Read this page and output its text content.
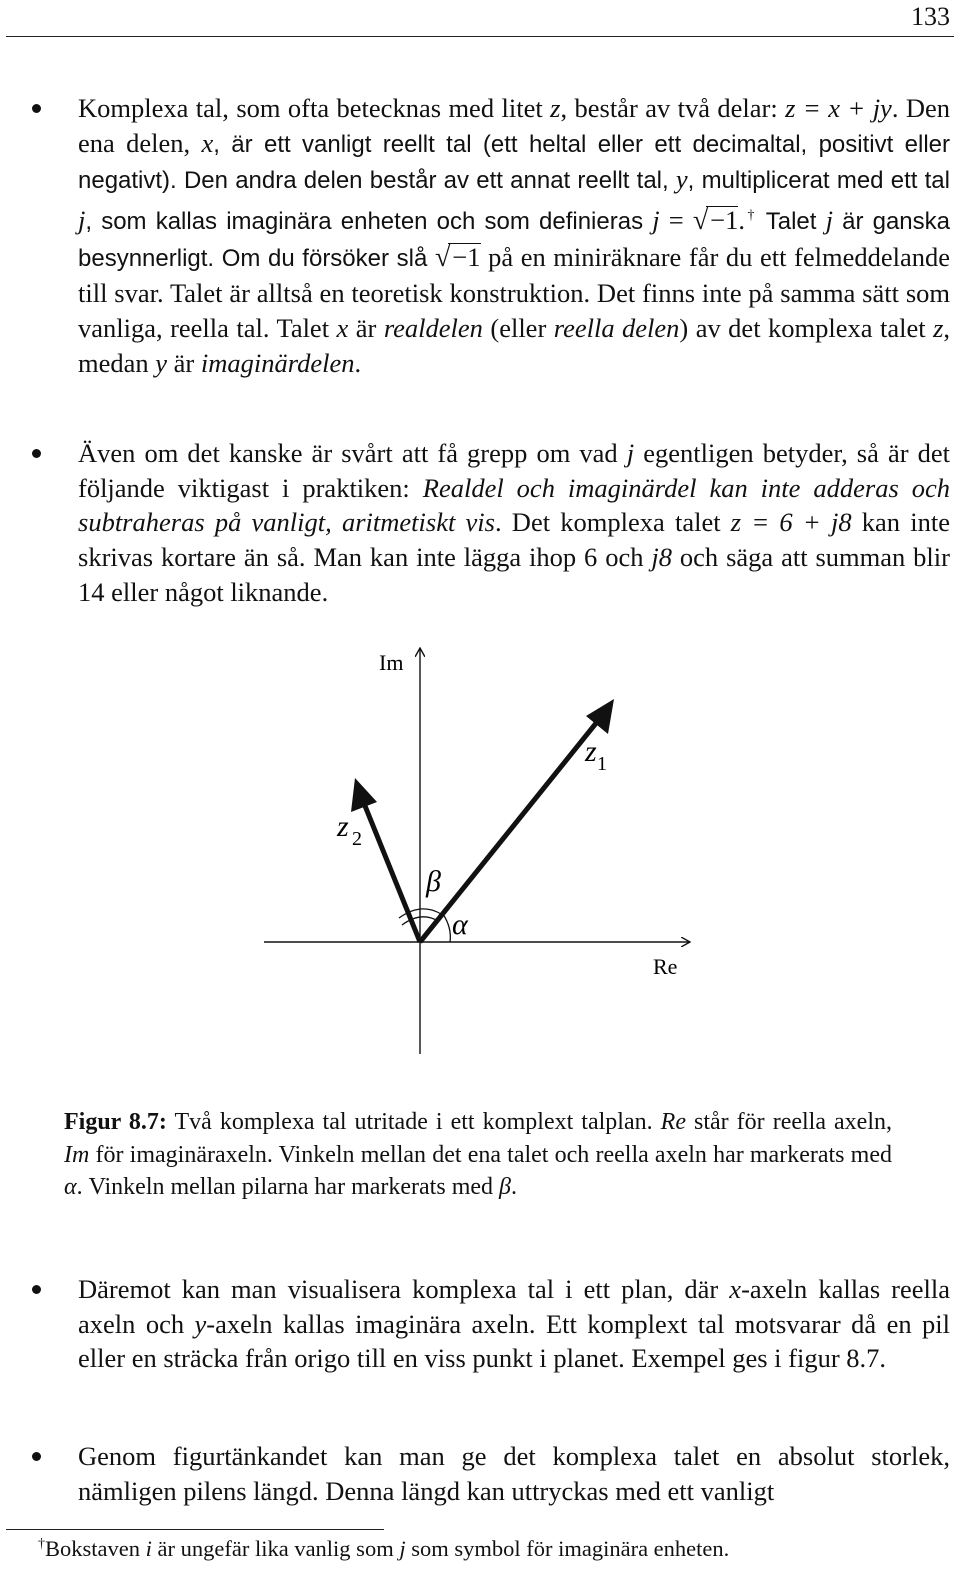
133

Komplexa tal, som ofta betecknas med litet z, består av två delar: z = x + jy. Den ena delen, x, är ett vanligt reellt tal (ett heltal eller ett decimaltal, positivt eller negativt). Den andra delen består av ett annat reellt tal, y, multiplicerat med ett tal j, som kallas imaginära enheten och som definieras j = √−1.† Talet j är ganska besynnerligt. Om du försöker slå √−1 på en miniräknare får du ett felmeddelande till svar. Talet är alltså en teoretisk konstruktion. Det finns inte på samma sätt som vanliga, reella tal. Talet x är realdelen (eller reella delen) av det komplexa talet z, medan y är imaginärdelen.

Även om det kanske är svårt att få grepp om vad j egentligen betyder, så är det följande viktigast i praktiken: Realdel och imaginärdel kan inte adderas och subtraheras på vanligt, aritmetiskt vis. Det komplexa talet z = 6 + j8 kan inte skrivas kortare än så. Man kan inte lägga ihop 6 och j8 och säga att summan blir 14 eller något liknande.

Im
Re
z 1
z 2
β
α

Figur 8.7: Två komplexa tal utritade i ett komplext talplan. Re står för reella axeln, Im för imaginäraxeln. Vinkeln mellan det ena talet och reella axeln har markerats med α. Vinkeln mellan pilarna har markerats med β.

Däremot kan man visualisera komplexa tal i ett plan, där x-axeln kallas reella axeln och y-axeln kallas imaginära axeln. Ett komplext tal motsvarar då en pil eller en sträcka från origo till en viss punkt i planet. Exempel ges i figur 8.7.

Genom figurtänkandet kan man ge det komplexa talet en absolut storlek, nämligen pilens längd. Denna längd kan uttryckas med ett vanligt

†Bokstaven i är ungefär lika vanlig som j som symbol för imaginära enheten.
